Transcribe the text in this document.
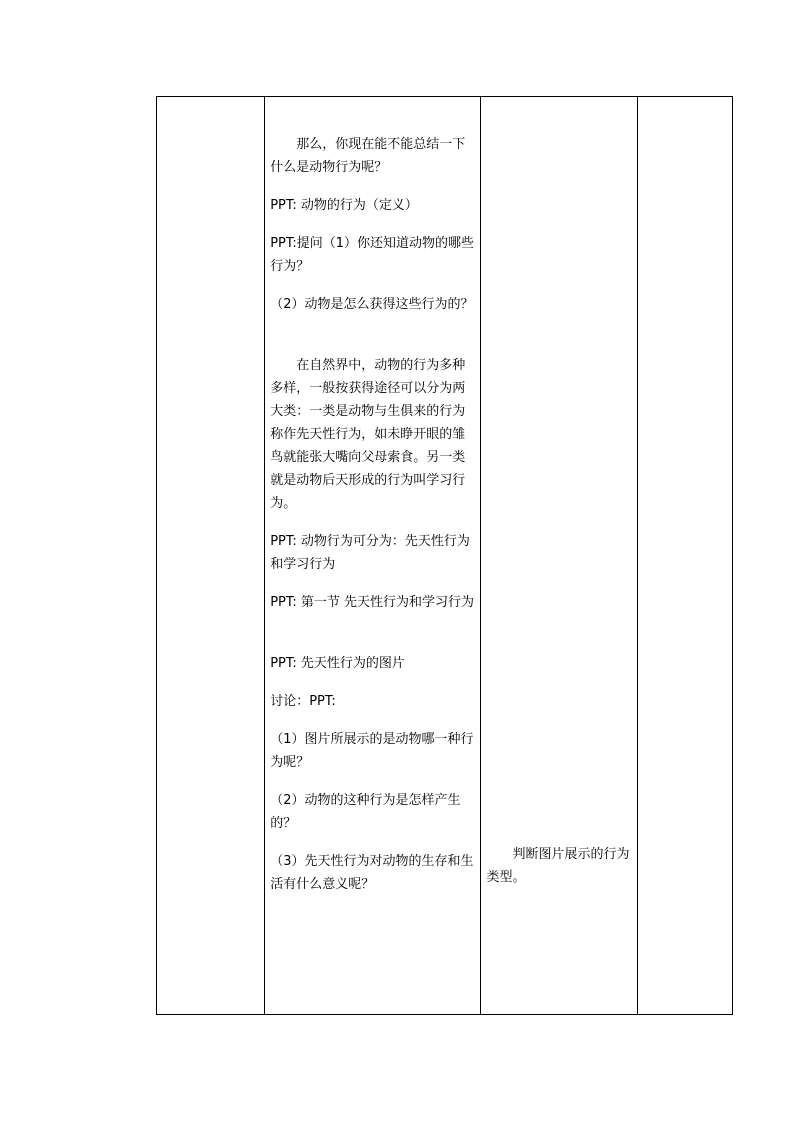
那么，你现在能不能总结一下什么是动物行为呢？

PPT: 动物的行为（定义）

PPT:提问（1）你还知道动物的哪些行为？

（2）动物是怎么获得这些行为的？

在自然界中，动物的行为多种多样，一般按获得途径可以分为两大类：一类是动物与生俱来的行为称作先天性行为，如未睁开眼的雏鸟就能张大嘴向父母索食。另一类就是动物后天形成的行为叫学习行为。

PPT: 动物行为可分为：先天性行为和学习行为

PPT: 第一节 先天性行为和学习行为

PPT: 先天性行为的图片

讨论：PPT:

（1）图片所展示的是动物哪一种行为呢？

（2）动物的这种行为是怎样产生的？

（3）先天性行为对动物的生存和生活有什么意义呢？

判断图片展示的行为类型。
